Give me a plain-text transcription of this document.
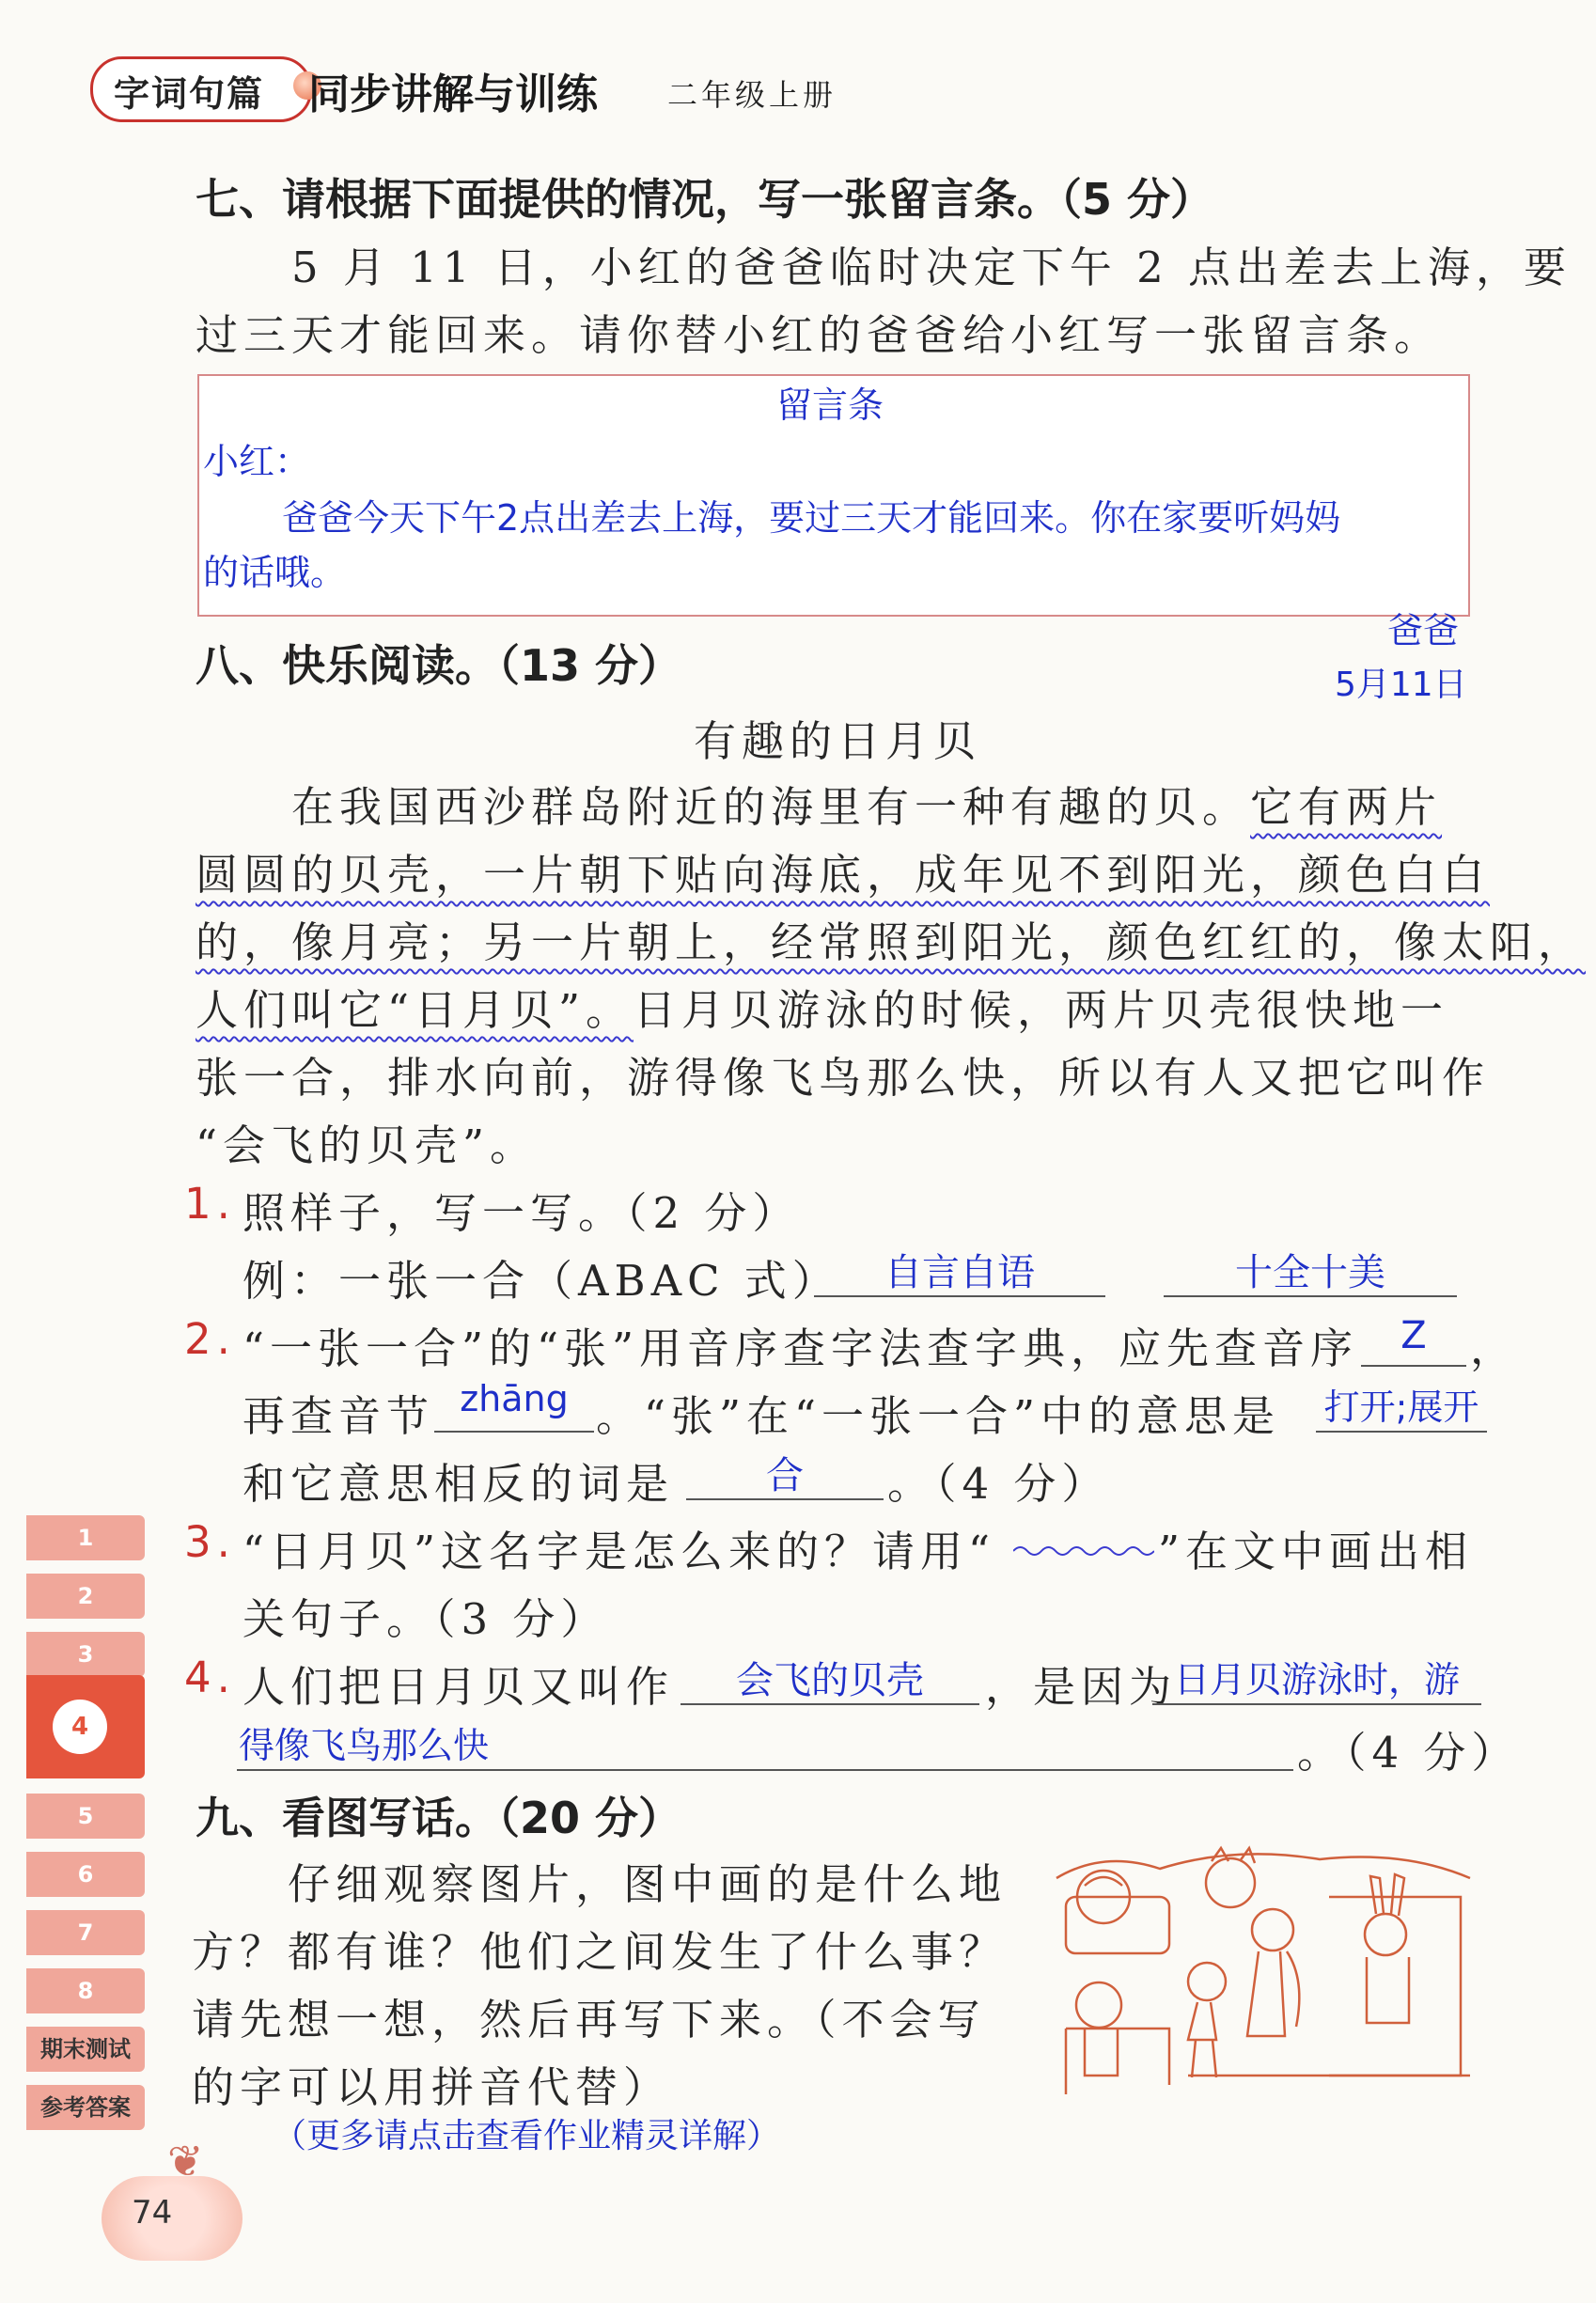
字词句篇 同步讲解与训练 二年级上册
七、请根据下面提供的情况，写一张留言条。（5 分）
5 月 11 日，小红的爸爸临时决定下午 2 点出差去上海，要
过三天才能回来。请你替小红的爸爸给小红写一张留言条。
留言条
小红：
爸爸今天下午2点出差去上海，要过三天才能回来。你在家要听妈妈
的话哦。
爸爸
5月11日
八、快乐阅读。（13 分）
有趣的日月贝
在我国西沙群岛附近的海里有一种有趣的贝。它有两片
圆圆的贝壳，一片朝下贴向海底，成年见不到阳光，颜色白白
的，像月亮；另一片朝上，经常照到阳光，颜色红红的，像太阳，
人们叫它“日月贝”。日月贝游泳的时候，两片贝壳很快地一
张一合，排水向前，游得像飞鸟那么快，所以有人又把它叫作
“会飞的贝壳”。
1. 照样子，写一写。（2 分）
例：一张一合（ABAC 式）	自言自语	十全十美
2. “一张一合”的“张”用音序查字法查字典，应先查音序	Z	，
再查音节 zhāng 。“张”在“一张一合”中的意思是 打开;展开
和它意思相反的词是	合	。（4 分）
3. “日月贝”这名字是怎么来的？请用“	”在文中画出相
关句子。（3 分）
4. 人们把日月贝又叫作	会飞的贝壳	，是因为
日月贝游泳时，游
得像飞鸟那么快	。（4 分）
九、看图写话。（20 分）
仔细观察图片，图中画的是什么地
方？都有谁？他们之间发生了什么事？
请先想一想，然后再写下来。（不会写
的字可以用拼音代替）
（更多请点击查看作业精灵详解）
1
2
3
4
5
6
7
8
期末测试
参考答案
❦
74
